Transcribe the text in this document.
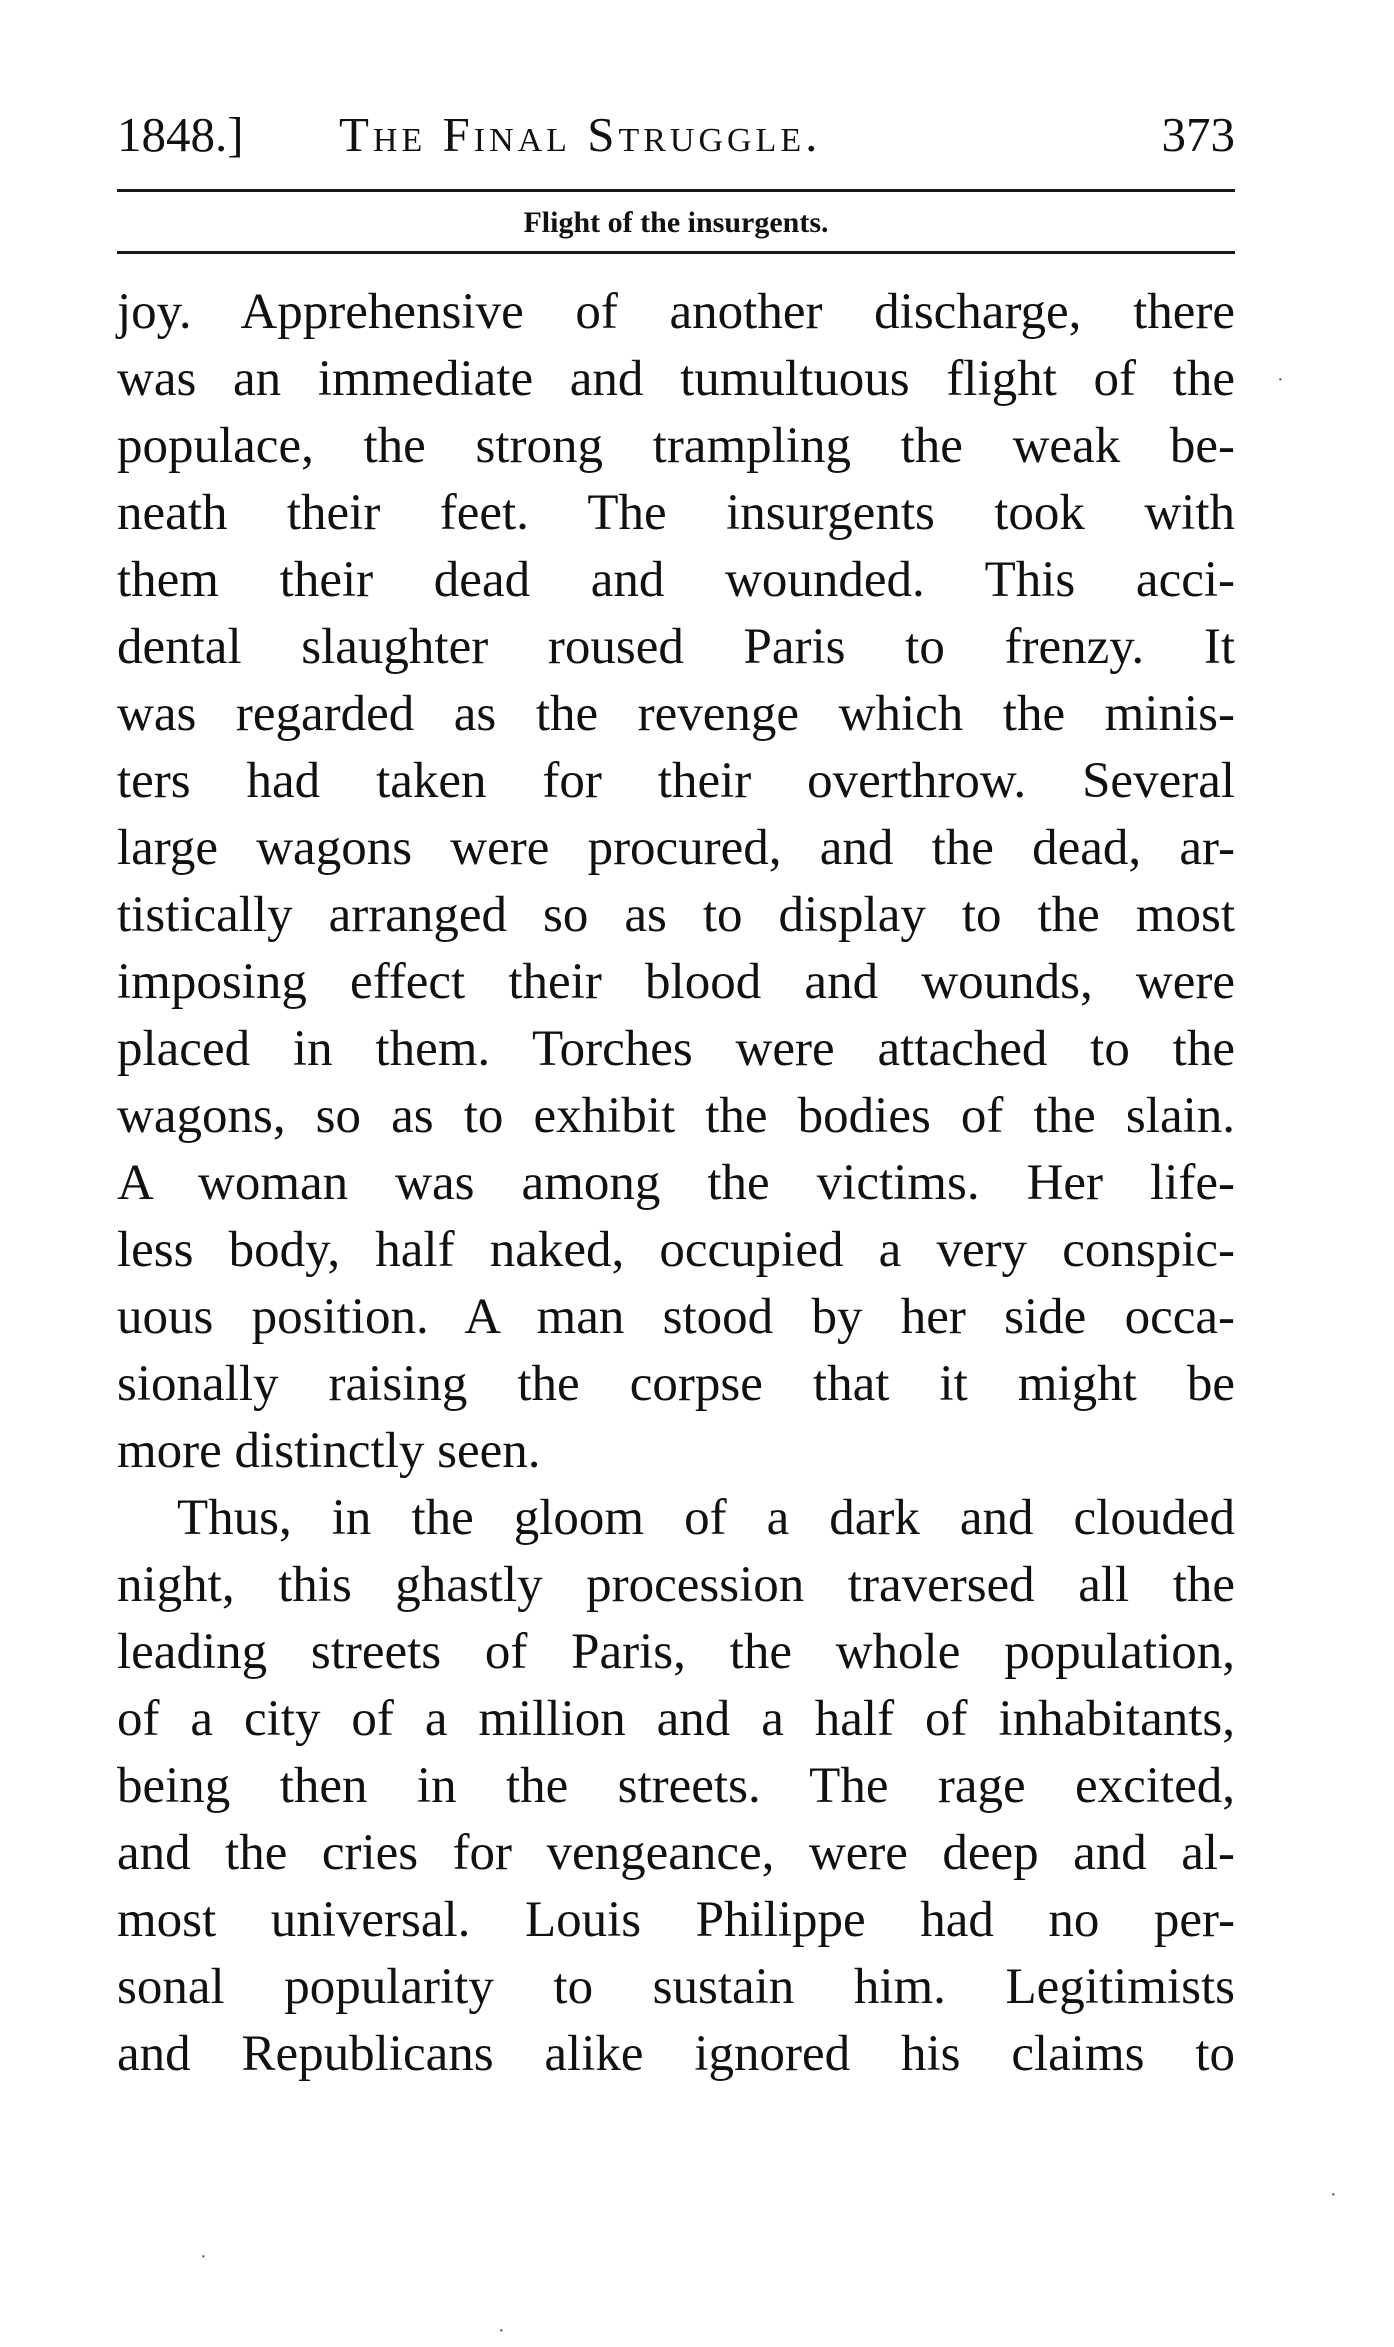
1848.] The Final Struggle.	373
Flight of the insurgents.
joy. Apprehensive of another discharge, there
was an immediate and tumultuous flight of the
populace, the strong trampling the weak be-
neath their feet. The insurgents took with
them their dead and wounded. This acci-
dental slaughter roused Paris to frenzy. It
was regarded as the revenge which the minis-
ters had taken for their overthrow. Several
large wagons were procured, and the dead, ar-
tistically arranged so as to display to the most
imposing effect their blood and wounds, were
placed in them. Torches were attached to the
wagons, so as to exhibit the bodies of the slain.
A woman was among the victims. Her life-
less body, half naked, occupied a very conspic-
uous position. A man stood by her side occa-
sionally raising the corpse that it might be
more distinctly seen.
Thus, in the gloom of a dark and clouded
night, this ghastly procession traversed all the
leading streets of Paris, the whole population,
of a city of a million and a half of inhabitants,
being then in the streets. The rage excited,
and the cries for vengeance, were deep and al-
most universal. Louis Philippe had no per-
sonal popularity to sustain him. Legitimists
and Republicans alike ignored his claims to
·
·
·
·
